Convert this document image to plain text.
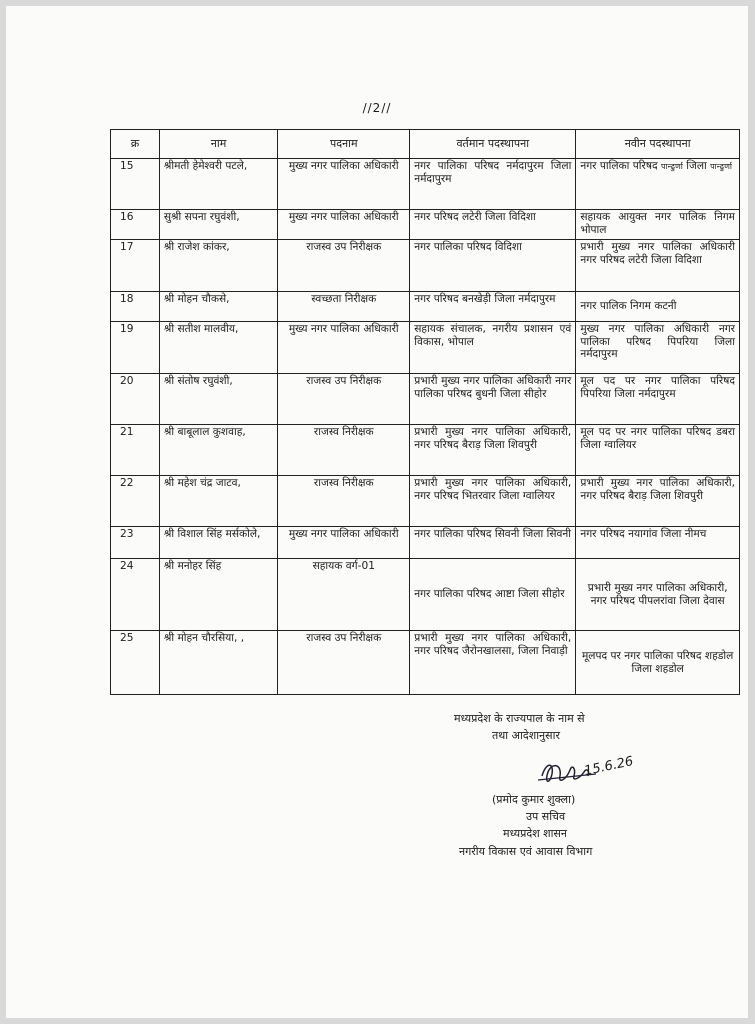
//2//
क्र	नाम	पदनाम	वर्तमान पदस्थापना	नवीन पदस्थापना
15	श्रीमती हेमेश्वरी पटले,	मुख्य नगर पालिका अधिकारी	नगर पालिका परिषद नर्मदापुरम जिला नर्मदापुरम	नगर पालिका परिषद पान्ढुर्णा जिला पान्ढुर्णा
16	सुश्री सपना रघुवंशी,	मुख्य नगर पालिका अधिकारी	नगर परिषद लटेरी जिला विदिशा	सहायक आयुक्त नगर पालिक निगम भोपाल
17	श्री राजेश कांकर,	राजस्व उप निरीक्षक	नगर पालिका परिषद विदिशा	प्रभारी मुख्य नगर पालिका अधिकारी नगर परिषद लटेरी जिला विदिशा
18	श्री मोहन चौकसे,	स्वच्छता निरीक्षक	नगर परिषद बनखेड़ी जिला नर्मदापुरम	नगर पालिक निगम कटनी
19	श्री सतीश मालवीय,	मुख्य नगर पालिका अधिकारी	सहायक संचालक, नगरीय प्रशासन एवं विकास, भोपाल	मुख्य नगर पालिका अधिकारी नगर पालिका परिषद पिपरिया जिला नर्मदापुरम
20	श्री संतोष रघुवंशी,	राजस्व उप निरीक्षक	प्रभारी मुख्य नगर पालिका अधिकारी नगर पालिका परिषद बुधनी जिला सीहोर	मूल पद पर नगर पालिका परिषद पिपरिया जिला नर्मदापुरम
21	श्री बाबूलाल कुशवाह,	राजस्व निरीक्षक	प्रभारी मुख्य नगर पालिका अधिकारी, नगर परिषद बैराड़ जिला शिवपुरी	मूल पद पर नगर पालिका परिषद डबरा जिला ग्वालियर
22	श्री महेश चंद्र जाटव,	राजस्व निरीक्षक	प्रभारी मुख्य नगर पालिका अधिकारी, नगर परिषद भितरवार जिला ग्वालियर	प्रभारी मुख्य नगर पालिका अधिकारी, नगर परिषद बैराड़ जिला शिवपुरी
23	श्री विशाल सिंह मर्सकोले,	मुख्य नगर पालिका अधिकारी	नगर पालिका परिषद सिवनी जिला सिवनी	नगर परिषद नयागांव जिला नीमच
24	श्री मनोहर सिंह	सहायक वर्ग-01	नगर पालिका परिषद आष्टा जिला सीहोर	प्रभारी मुख्य नगर पालिका अधिकारी, नगर परिषद पीपलरांवा जिला देवास
25	श्री मोहन चौरसिया, ,	राजस्व उप निरीक्षक	प्रभारी मुख्य नगर पालिका अधिकारी, नगर परिषद जैरोनखालसा, जिला निवाड़ी	मूलपद पर नगर पालिका परिषद शहडोल जिला शहडोल
मध्यप्रदेश के राज्यपाल के नाम से
तथा आदेशानुसार
15.6.26
(प्रमोद कुमार शुक्ला)
उप सचिव
मध्यप्रदेश शासन
नगरीय विकास एवं आवास विभाग
